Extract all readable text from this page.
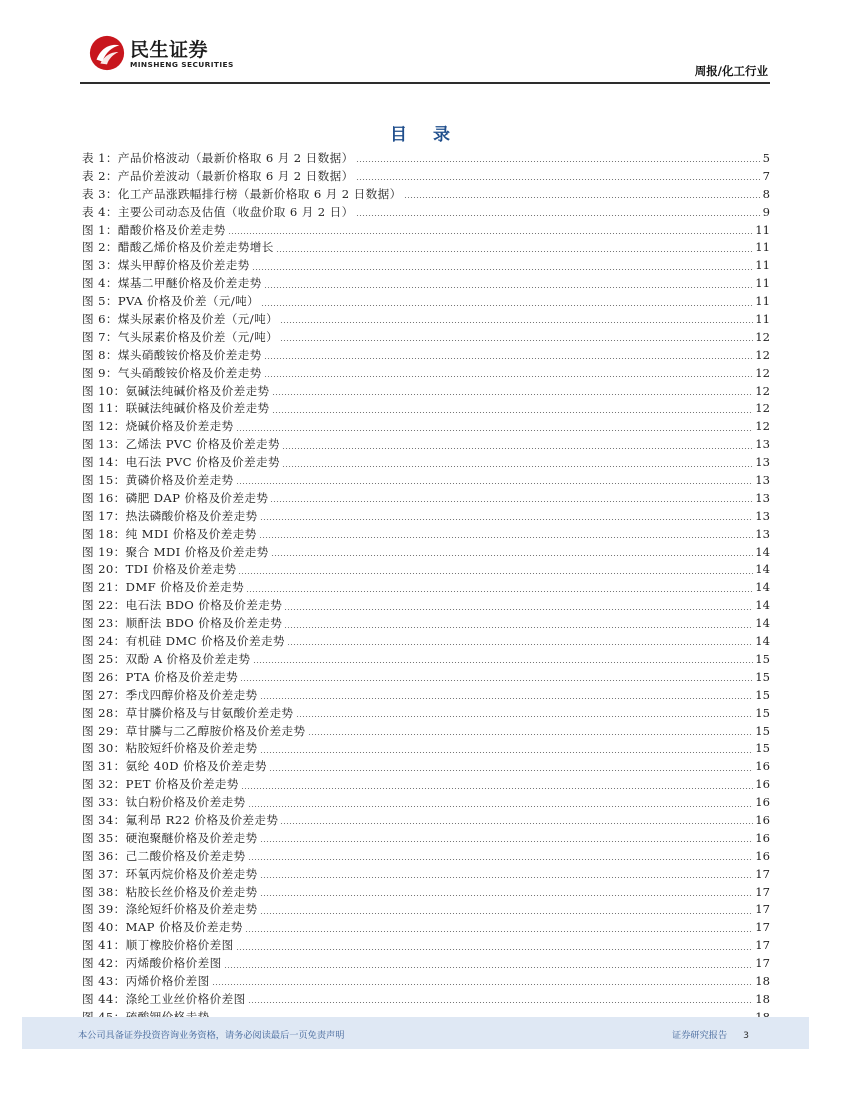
民生证券
MINSHENG SECURITIES	周报/化工行业
目 录
表 1：产品价格波动（最新价格取 6 月 2 日数据）	5
表 2：产品价差波动（最新价格取 6 月 2 日数据）	7
表 3：化工产品涨跌幅排行榜（最新价格取 6 月 2 日数据）	8
表 4：主要公司动态及估值（收盘价取 6 月 2 日）	9
图 1：醋酸价格及价差走势	11
图 2：醋酸乙烯价格及价差走势增长	11
图 3：煤头甲醇价格及价差走势	11
图 4：煤基二甲醚价格及价差走势	11
图 5：PVA 价格及价差（元/吨）	11
图 6：煤头尿素价格及价差（元/吨）	11
图 7：气头尿素价格及价差（元/吨）	12
图 8：煤头硝酸铵价格及价差走势	12
图 9：气头硝酸铵价格及价差走势	12
图 10：氨碱法纯碱价格及价差走势	12
图 11：联碱法纯碱价格及价差走势	12
图 12：烧碱价格及价差走势	12
图 13：乙烯法 PVC 价格及价差走势	13
图 14：电石法 PVC 价格及价差走势	13
图 15：黄磷价格及价差走势	13
图 16：磷肥 DAP 价格及价差走势	13
图 17：热法磷酸价格及价差走势	13
图 18：纯 MDI 价格及价差走势	13
图 19：聚合 MDI 价格及价差走势	14
图 20：TDI 价格及价差走势	14
图 21：DMF 价格及价差走势	14
图 22：电石法 BDO 价格及价差走势	14
图 23：顺酐法 BDO 价格及价差走势	14
图 24：有机硅 DMC 价格及价差走势	14
图 25：双酚 A 价格及价差走势	15
图 26：PTA 价格及价差走势	15
图 27：季戊四醇价格及价差走势	15
图 28：草甘膦价格及与甘氨酸价差走势	15
图 29：草甘膦与二乙醇胺价格及价差走势	15
图 30：粘胶短纤价格及价差走势	15
图 31：氨纶 40D 价格及价差走势	16
图 32：PET 价格及价差走势	16
图 33：钛白粉价格及价差走势	16
图 34：氟利昂 R22 价格及价差走势	16
图 35：硬泡聚醚价格及价差走势	16
图 36：己二酸价格及价差走势	16
图 37：环氧丙烷价格及价差走势	17
图 38：粘胶长丝价格及价差走势	17
图 39：涤纶短纤价格及价差走势	17
图 40：MAP 价格及价差走势	17
图 41：顺丁橡胶价格价差图	17
图 42：丙烯酸价格价差图	17
图 43：丙烯价格价差图	18
图 44：涤纶工业丝价格价差图	18
本公司具备证券投资咨询业务资格，请务必阅读最后一页免责声明	证券研究报告 3
